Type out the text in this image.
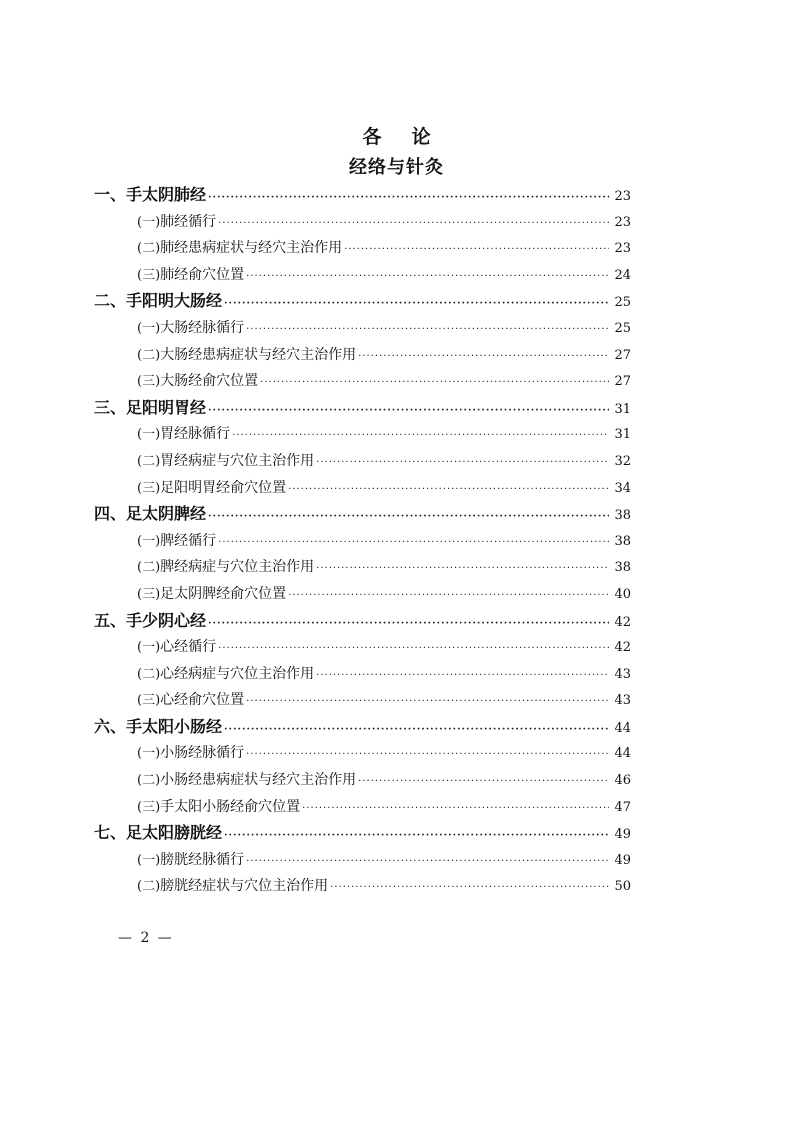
各论
经络与针灸
一、 手太阴肺经 ·····	23
(一) 肺经循行 ·····	23
(二) 肺经患病症状与经穴主治作用 ·····	23
(三) 肺经俞穴位置 ·····	24
二、 手阳明大肠经 ·····	25
(一) 大肠经脉循行 ·····	25
(二) 大肠经患病症状与经穴主治作用 ·····	27
(三) 大肠经俞穴位置 ·····	27
三、 足阳明胃经 ·····	31
(一) 胃经脉循行 ·····	31
(二) 胃经病症与穴位主治作用 ·····	32
(三) 足阳明胃经俞穴位置 ·····	34
四、 足太阴脾经 ·····	38
(一) 脾经循行 ·····	38
(二) 脾经病症与穴位主治作用 ·····	38
(三) 足太阴脾经俞穴位置 ·····	40
五、 手少阴心经 ·····	42
(一) 心经循行 ·····	42
(二) 心经病症与穴位主治作用 ·····	43
(三) 心经俞穴位置 ·····	43
六、 手太阳小肠经 ·····	44
(一) 小肠经脉循行 ·····	44
(二) 小肠经患病症状与经穴主治作用 ·····	46
(三) 手太阳小肠经俞穴位置 ·····	47
七、 足太阳膀胱经 ·····	49
(一) 膀胱经脉循行 ·····	49
(二) 膀胱经症状与穴位主治作用 ·····	50
— 2 —
